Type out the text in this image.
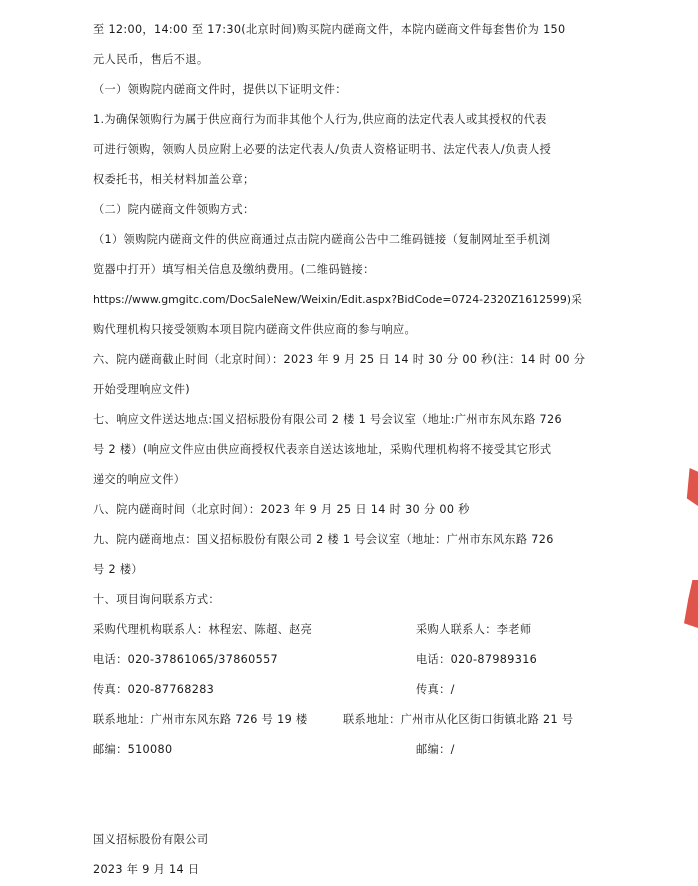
至 12:00，14:00 至 17:30(北京时间)购买院内磋商文件，本院内磋商文件每套售价为 150
元人民币，售后不退。
（一）领购院内磋商文件时，提供以下证明文件：
1.为确保领购行为属于供应商行为而非其他个人行为,供应商的法定代表人或其授权的代表
可进行领购，领购人员应附上必要的法定代表人/负责人资格证明书、法定代表人/负责人授
权委托书，相关材料加盖公章；
（二）院内磋商文件领购方式：
（1）领购院内磋商文件的供应商通过点击院内磋商公告中二维码链接（复制网址至手机浏
览器中打开）填写相关信息及缴纳费用。(二维码链接：
https://www.gmgitc.com/DocSaleNew/Weixin/Edit.aspx?BidCode=0724-2320Z1612599)采
购代理机构只接受领购本项目院内磋商文件供应商的参与响应。
六、院内磋商截止时间（北京时间）：2023 年 9 月 25 日 14 时 30 分 00 秒(注：14 时 00 分
开始受理响应文件)
七、响应文件送达地点:国义招标股份有限公司 2 楼 1 号会议室（地址:广州市东风东路 726
号 2 楼）(响应文件应由供应商授权代表亲自送达该地址，采购代理机构将不接受其它形式
递交的响应文件）
八、院内磋商时间（北京时间）：2023 年 9 月 25 日 14 时 30 分 00 秒
九、院内磋商地点：国义招标股份有限公司 2 楼 1 号会议室（地址：广州市东风东路 726
号 2 楼）
十、项目询问联系方式：
采购代理机构联系人：林程宏、陈超、赵亮	采购人联系人：李老师
电话：020-37861065/37860557	电话：020-87989316
传真：020-87768283	传真：/
联系地址：广州市东风东路 726 号 19 楼	联系地址：广州市从化区街口街镇北路 21 号
邮编：510080	邮编：/
国义招标股份有限公司
2023 年 9 月 14 日
